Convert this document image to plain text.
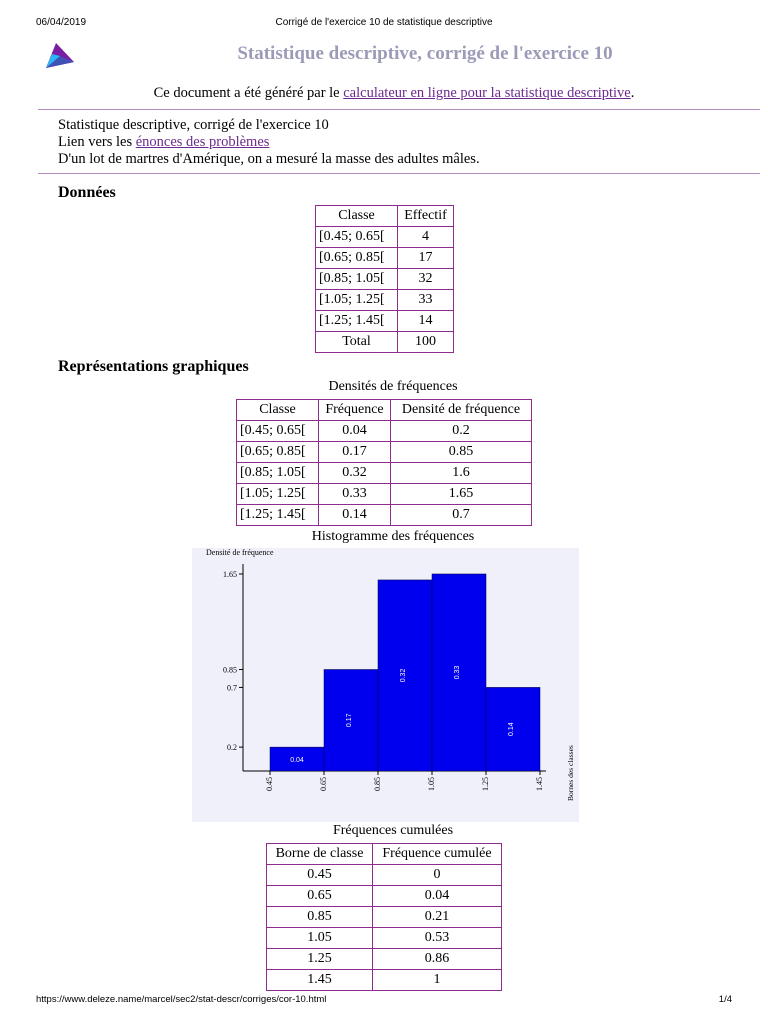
06/04/2019	Corrigé de l'exercice 10 de statistique descriptive
Statistique descriptive, corrigé de l'exercice 10
Ce document a été généré par le calculateur en ligne pour la statistique descriptive.
Statistique descriptive, corrigé de l'exercice 10
Lien vers les énonces des problèmes
D'un lot de martres d'Amérique, on a mesuré la masse des adultes mâles.
Données
Classe	Effectif
[0.45; 0.65[	4
[0.65; 0.85[	17
[0.85; 1.05[	32
[1.05; 1.25[	33
[1.25; 1.45[	14
Total	100
Représentations graphiques
Densités de fréquences
Classe	Fréquence	Densité de fréquence
[0.45; 0.65[	0.04	0.2
[0.65; 0.85[	0.17	0.85
[0.85; 1.05[	0.32	1.6
[1.05; 1.25[	0.33	1.65
[1.25; 1.45[	0.14	0.7
Histogramme des fréquences
Densité de fréquence
0.2
0.7
0.85
1.65
0.04
0.17
0.32	0.33
0.14
0.45	0.65	0.85	1.05	1.25	1.45	Bornes des classes
Fréquences cumulées
Borne de classe	Fréquence cumulée
0.45	0
0.65	0.04
0.85	0.21
1.05	0.53
1.25	0.86
1.45	1
https://www.deleze.name/marcel/sec2/stat-descr/corriges/cor-10.html	1/4
